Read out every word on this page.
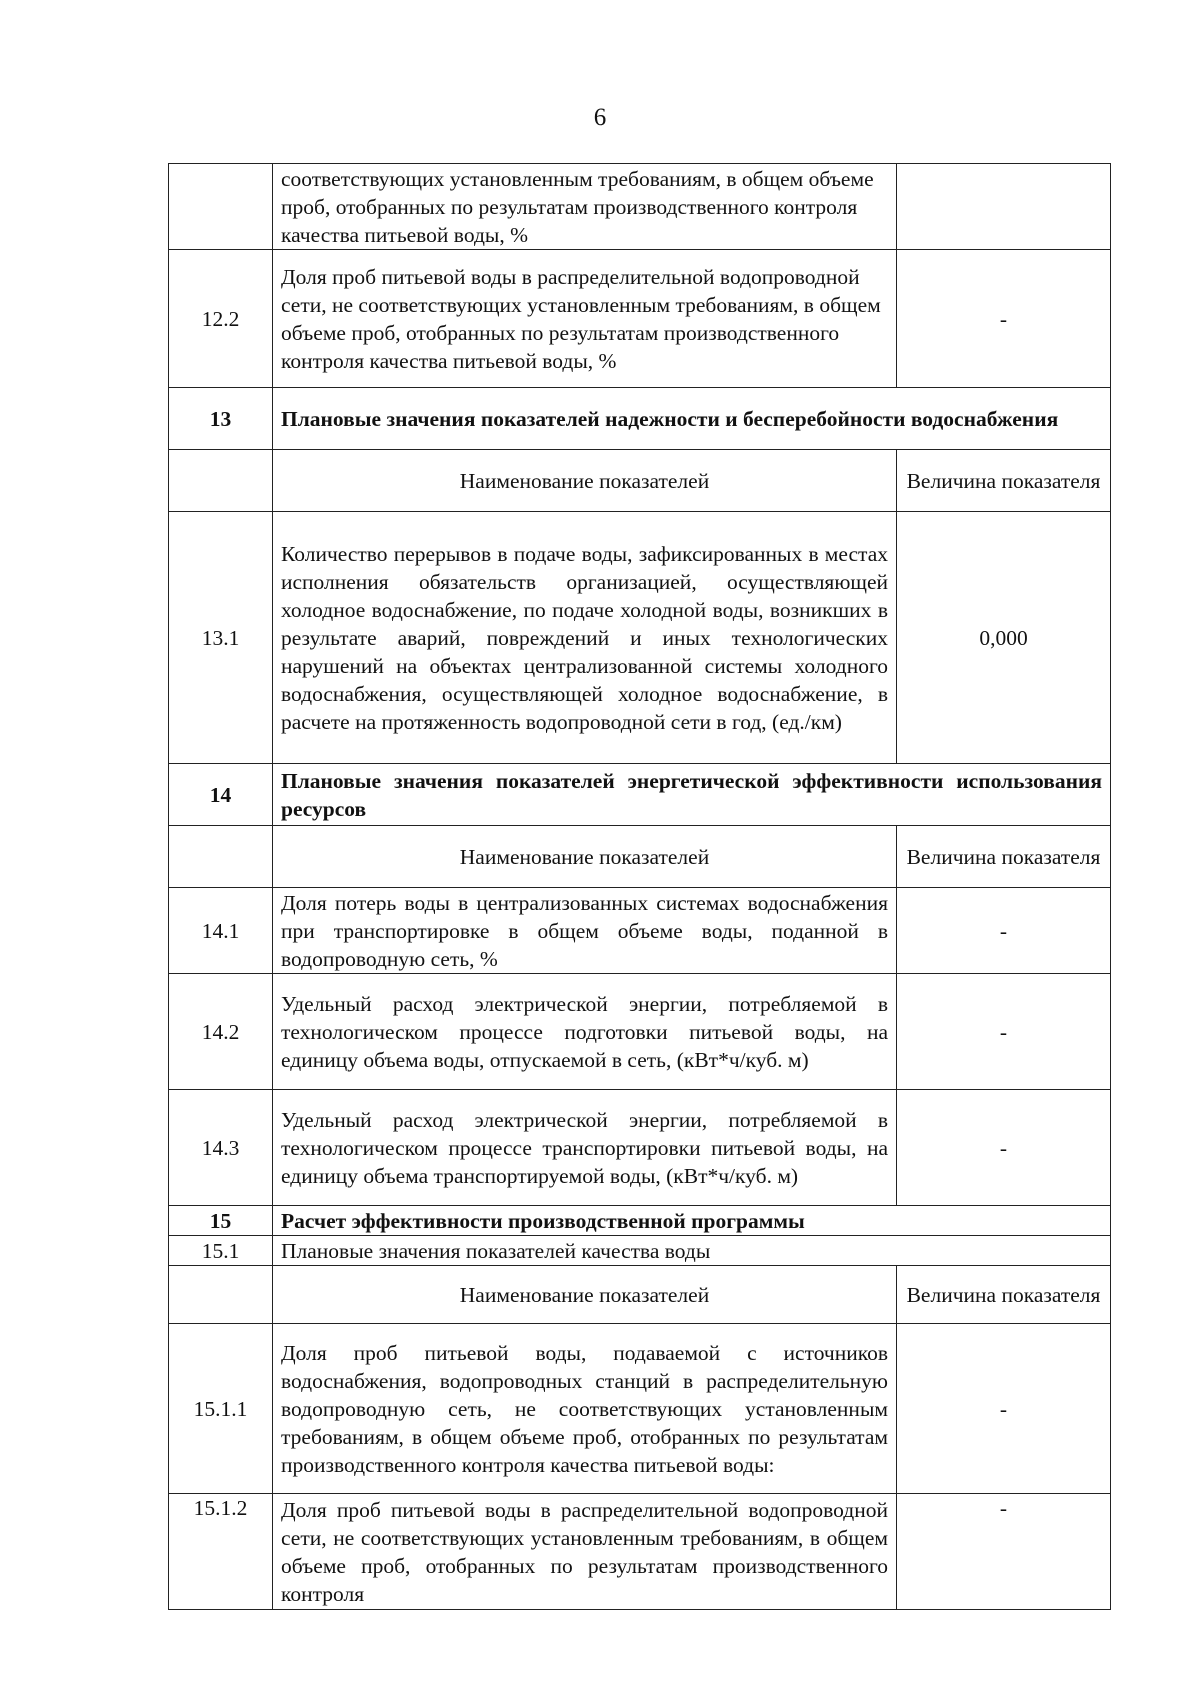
6
	соответствующих установленным требованиям, в общем объеме проб, отобранных по результатам производственного контроля качества питьевой воды, %	
12.2	Доля проб питьевой воды в распределительной водопроводной сети, не соответствующих установленным требованиям, в общем объеме проб, отобранных по результатам производственного контроля качества питьевой воды, %	-
13	Плановые значения показателей надежности и бесперебойности водоснабжения	
	Наименование показателей	Величина показателя
13.1	Количество перерывов в подаче воды, зафиксированных в местах исполнения обязательств организацией, осуществляющей холодное водоснабжение, по подаче холодной воды, возникших в результате аварий, повреждений и иных технологических нарушений на объектах централизованной системы холодного водоснабжения, осуществляющей холодное водоснабжение, в расчете на протяженность водопроводной сети в год, (ед./км)	0,000
14	Плановые значения показателей энергетической эффективности использования ресурсов	
	Наименование показателей	Величина показателя
14.1	Доля потерь воды в централизованных системах водоснабжения при транспортировке в общем объеме воды, поданной в водопроводную сеть, %	-
14.2	Удельный расход электрической энергии, потребляемой в технологическом процессе подготовки питьевой воды, на единицу объема воды, отпускаемой в сеть, (кВт*ч/куб. м)	-
14.3	Удельный расход электрической энергии, потребляемой в технологическом процессе транспортировки питьевой воды, на единицу объема транспортируемой воды, (кВт*ч/куб. м)	-
15	Расчет эффективности производственной программы	
15.1	Плановые значения показателей качества воды	
	Наименование показателей	Величина показателя
15.1.1	Доля проб питьевой воды, подаваемой с источников водоснабжения, водопроводных станций в распределительную водопроводную сеть, не соответствующих установленным требованиям, в общем объеме проб, отобранных по результатам производственного контроля качества питьевой воды:	-
15.1.2	Доля проб питьевой воды в распределительной водопроводной сети, не соответствующих установленным требованиям, в общем объеме проб, отобранных по результатам производственного контроля	-
